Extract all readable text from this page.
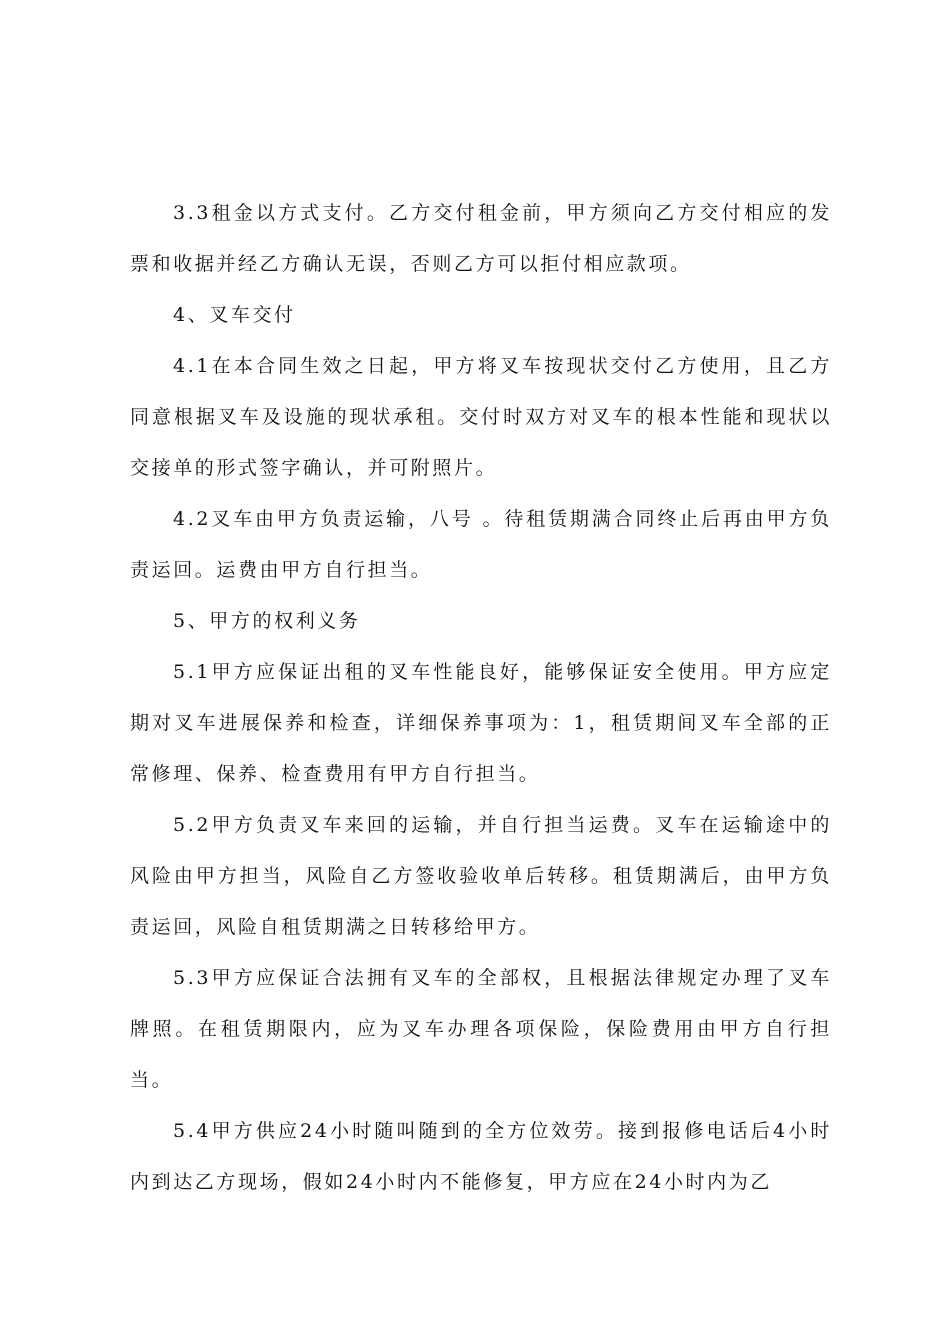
3.3租金以方式支付。乙方交付租金前，甲方须向乙方交付相应的发票和收据并经乙方确认无误，否则乙方可以拒付相应款项。

4、叉车交付

4.1在本合同生效之日起，甲方将叉车按现状交付乙方使用，且乙方同意根据叉车及设施的现状承租。交付时双方对叉车的根本性能和现状以交接单的形式签字确认，并可附照片。

4.2叉车由甲方负责运输，八号 。待租赁期满合同终止后再由甲方负责运回。运费由甲方自行担当。

5、甲方的权利义务

5.1甲方应保证出租的叉车性能良好，能够保证安全使用。甲方应定期对叉车进展保养和检查，详细保养事项为：1，租赁期间叉车全部的正常修理、保养、检查费用有甲方自行担当。

5.2甲方负责叉车来回的运输，并自行担当运费。叉车在运输途中的风险由甲方担当，风险自乙方签收验收单后转移。租赁期满后，由甲方负责运回，风险自租赁期满之日转移给甲方。

5.3甲方应保证合法拥有叉车的全部权，且根据法律规定办理了叉车牌照。在租赁期限内，应为叉车办理各项保险，保险费用由甲方自行担当。

5.4甲方供应24小时随叫随到的全方位效劳。接到报修电话后4小时内到达乙方现场，假如24小时内不能修复，甲方应在24小时内为乙
